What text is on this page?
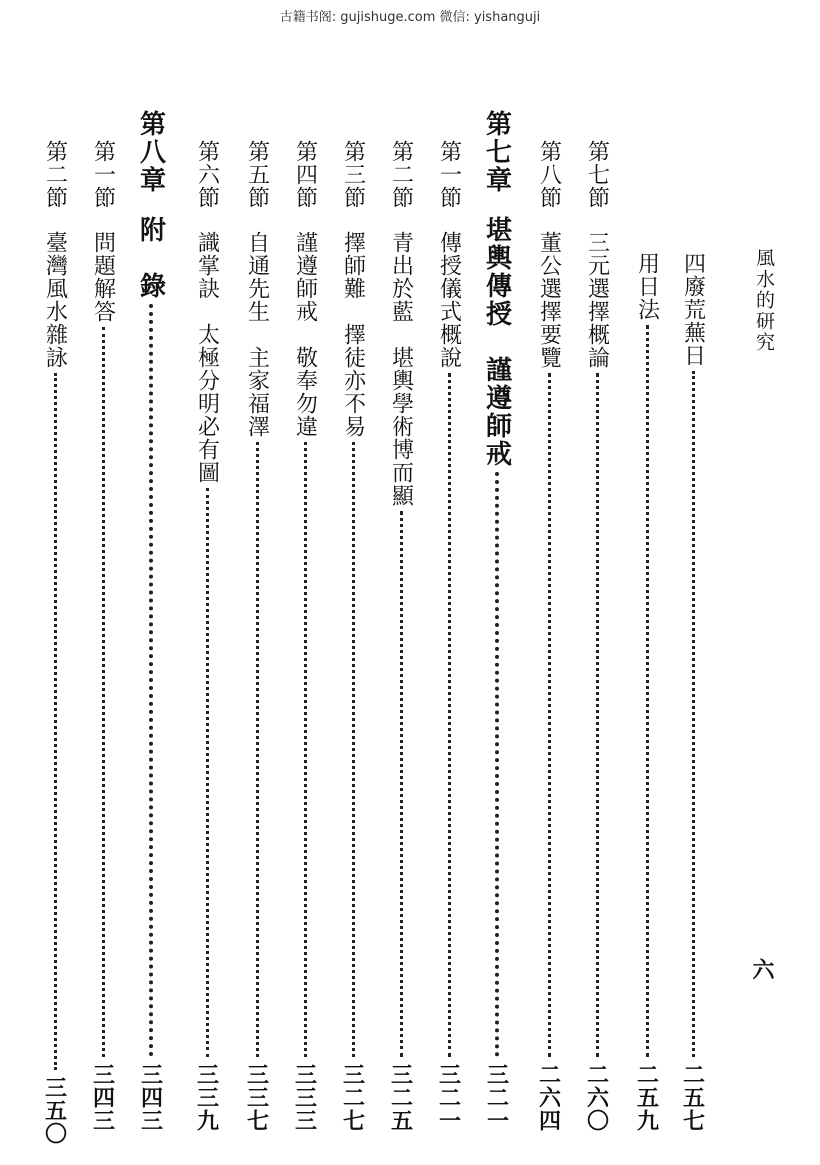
古籍书阁: gujishuge.com 微信: yishanguji
風水的研究
六
四廢荒蕪日
二五七
用日法
二五九
第七節
三元選擇概論
二六〇
第八節
董公選擇要覽
二六四
第七章
堪輿傳授　謹遵師戒
三二一
第一節
傳授儀式概說
三二一
第二節
青出於藍　堪輿學術博而顯
三二五
第三節
擇師難　擇徒亦不易
三二七
第四節
謹遵師戒　敬奉勿違
三三三
第五節
自通先生　主家福澤
三三七
第六節
識掌訣　太極分明必有圖
三三九
第八章
附　錄
三四三
第一節
問題解答
三四三
第二節
臺灣風水雜詠
三五〇
